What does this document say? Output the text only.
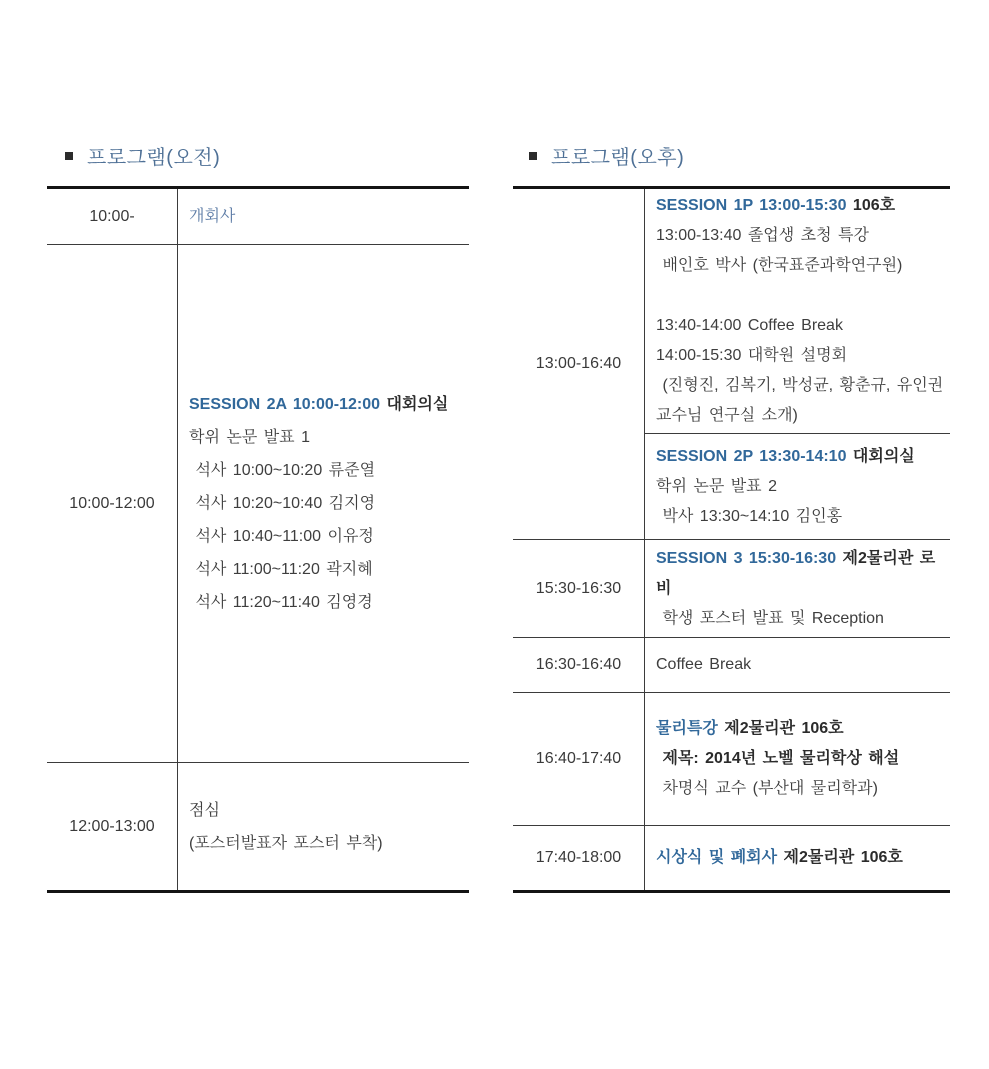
프로그램(오전)	프로그램(오후)
10:00-	개회사
10:00-12:00
SESSION 2A 10:00-12:00 대회의실
학위 논문 발표 1
석사 10:00~10:20 류준열
석사 10:20~10:40 김지영
석사 10:40~11:00 이유정
석사 11:00~11:20 곽지혜
석사 11:20~11:40 김영경
12:00-13:00
점심
(포스터발표자 포스터 부착)
13:00-16:40
SESSION 1P 13:00-15:30 106호
13:00-13:40 졸업생 초청 특강
배인호 박사 (한국표준과학연구원)

13:40-14:00 Coffee Break
14:00-15:30 대학원 설명회
(진형진, 김복기, 박성균, 황춘규, 유인권
교수님 연구실 소개)
SESSION 2P 13:30-14:10 대회의실
학위 논문 발표 2
박사 13:30~14:10 김인홍
15:30-16:30
SESSION 3 15:30-16:30 제2물리관 로비
학생 포스터 발표 및 Reception
16:30-16:40 Coffee Break
16:40-17:40
물리특강 제2물리관 106호
제목: 2014년 노벨 물리학상 해설
차명식 교수 (부산대 물리학과)
17:40-18:00 시상식 및 폐회사 제2물리관 106호
